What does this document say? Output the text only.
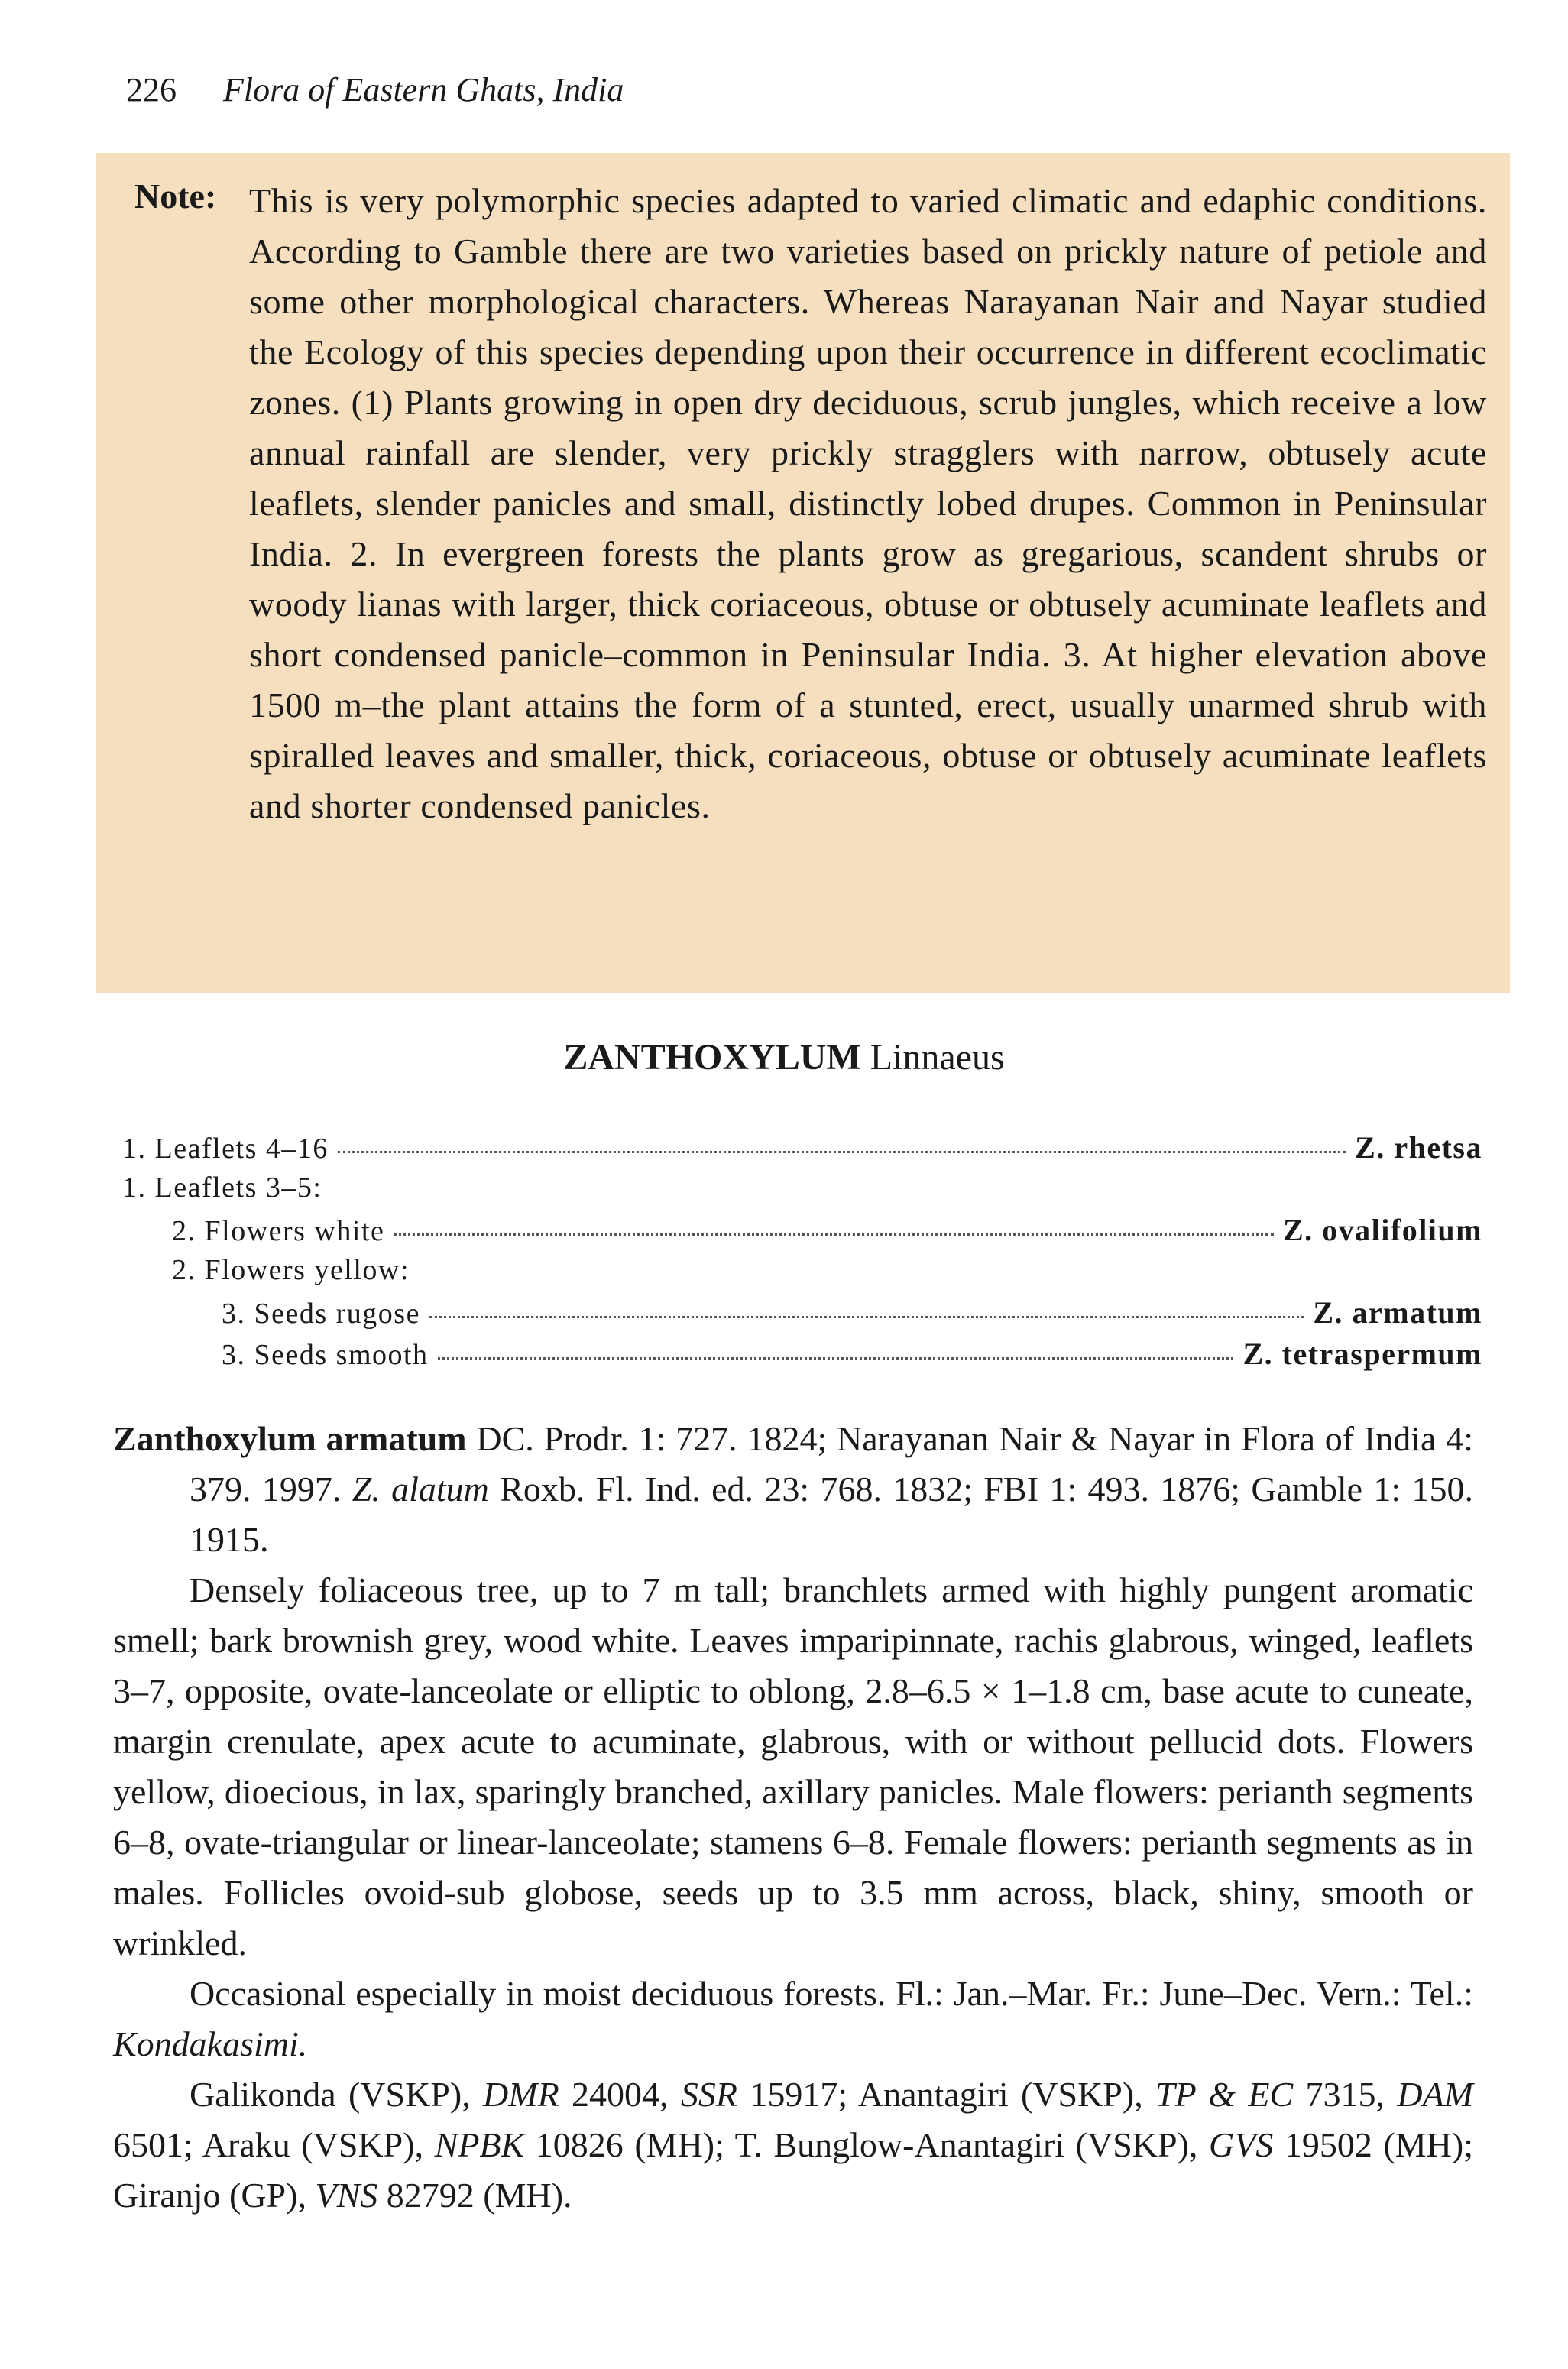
226 Flora of Eastern Ghats, India
Note: This is very polymorphic species adapted to varied climatic and edaphic conditions. According to Gamble there are two varieties based on prickly nature of petiole and some other morphological characters. Whereas Narayanan Nair and Nayar studied the Ecology of this species depending upon their occurrence in different ecoclimatic zones. (1) Plants growing in open dry deciduous, scrub jungles, which receive a low annual rainfall are slender, very prickly stragglers with narrow, obtusely acute leaflets, slender panicles and small, distinctly lobed drupes. Common in Peninsular India. 2. In evergreen forests the plants grow as gregarious, scandent shrubs or woody lianas with larger, thick coriaceous, obtuse or obtusely acuminate leaflets and short condensed panicle–common in Peninsular India. 3. At higher elevation above 1500 m–the plant attains the form of a stunted, erect, usually unarmed shrub with spiralled leaves and smaller, thick, coriaceous, obtuse or obtusely acuminate leaflets and shorter condensed panicles.
ZANTHOXYLUM Linnaeus
1. Leaflets 4–16	Z. rhetsa
1. Leaflets 3–5:
2. Flowers white	Z. ovalifolium
2. Flowers yellow:
3. Seeds rugose	Z. armatum
3. Seeds smooth	Z. tetraspermum

Zanthoxylum armatum DC. Prodr. 1: 727. 1824; Narayanan Nair & Nayar in Flora of India 4: 379. 1997. Z. alatum Roxb. Fl. Ind. ed. 23: 768. 1832; FBI 1: 493. 1876; Gamble 1: 150. 1915.

Densely foliaceous tree, up to 7 m tall; branchlets armed with highly pungent aromatic smell; bark brownish grey, wood white. Leaves imparipinnate, rachis glabrous, winged, leaflets 3–7, opposite, ovate-lanceolate or elliptic to oblong, 2.8–6.5 × 1–1.8 cm, base acute to cuneate, margin crenulate, apex acute to acuminate, glabrous, with or without pellucid dots. Flowers yellow, dioecious, in lax, sparingly branched, axillary panicles. Male flowers: perianth segments 6–8, ovate-triangular or linear-lanceolate; stamens 6–8. Female flowers: perianth segments as in males. Follicles ovoid-sub globose, seeds up to 3.5 mm across, black, shiny, smooth or wrinkled.

Occasional especially in moist deciduous forests. Fl.: Jan.–Mar. Fr.: June–Dec. Vern.: Tel.: Kondakasimi.

Galikonda (VSKP), DMR 24004, SSR 15917; Anantagiri (VSKP), TP & EC 7315, DAM 6501; Araku (VSKP), NPBK 10826 (MH); T. Bunglow-Anantagiri (VSKP), GVS 19502 (MH); Giranjo (GP), VNS 82792 (MH).
